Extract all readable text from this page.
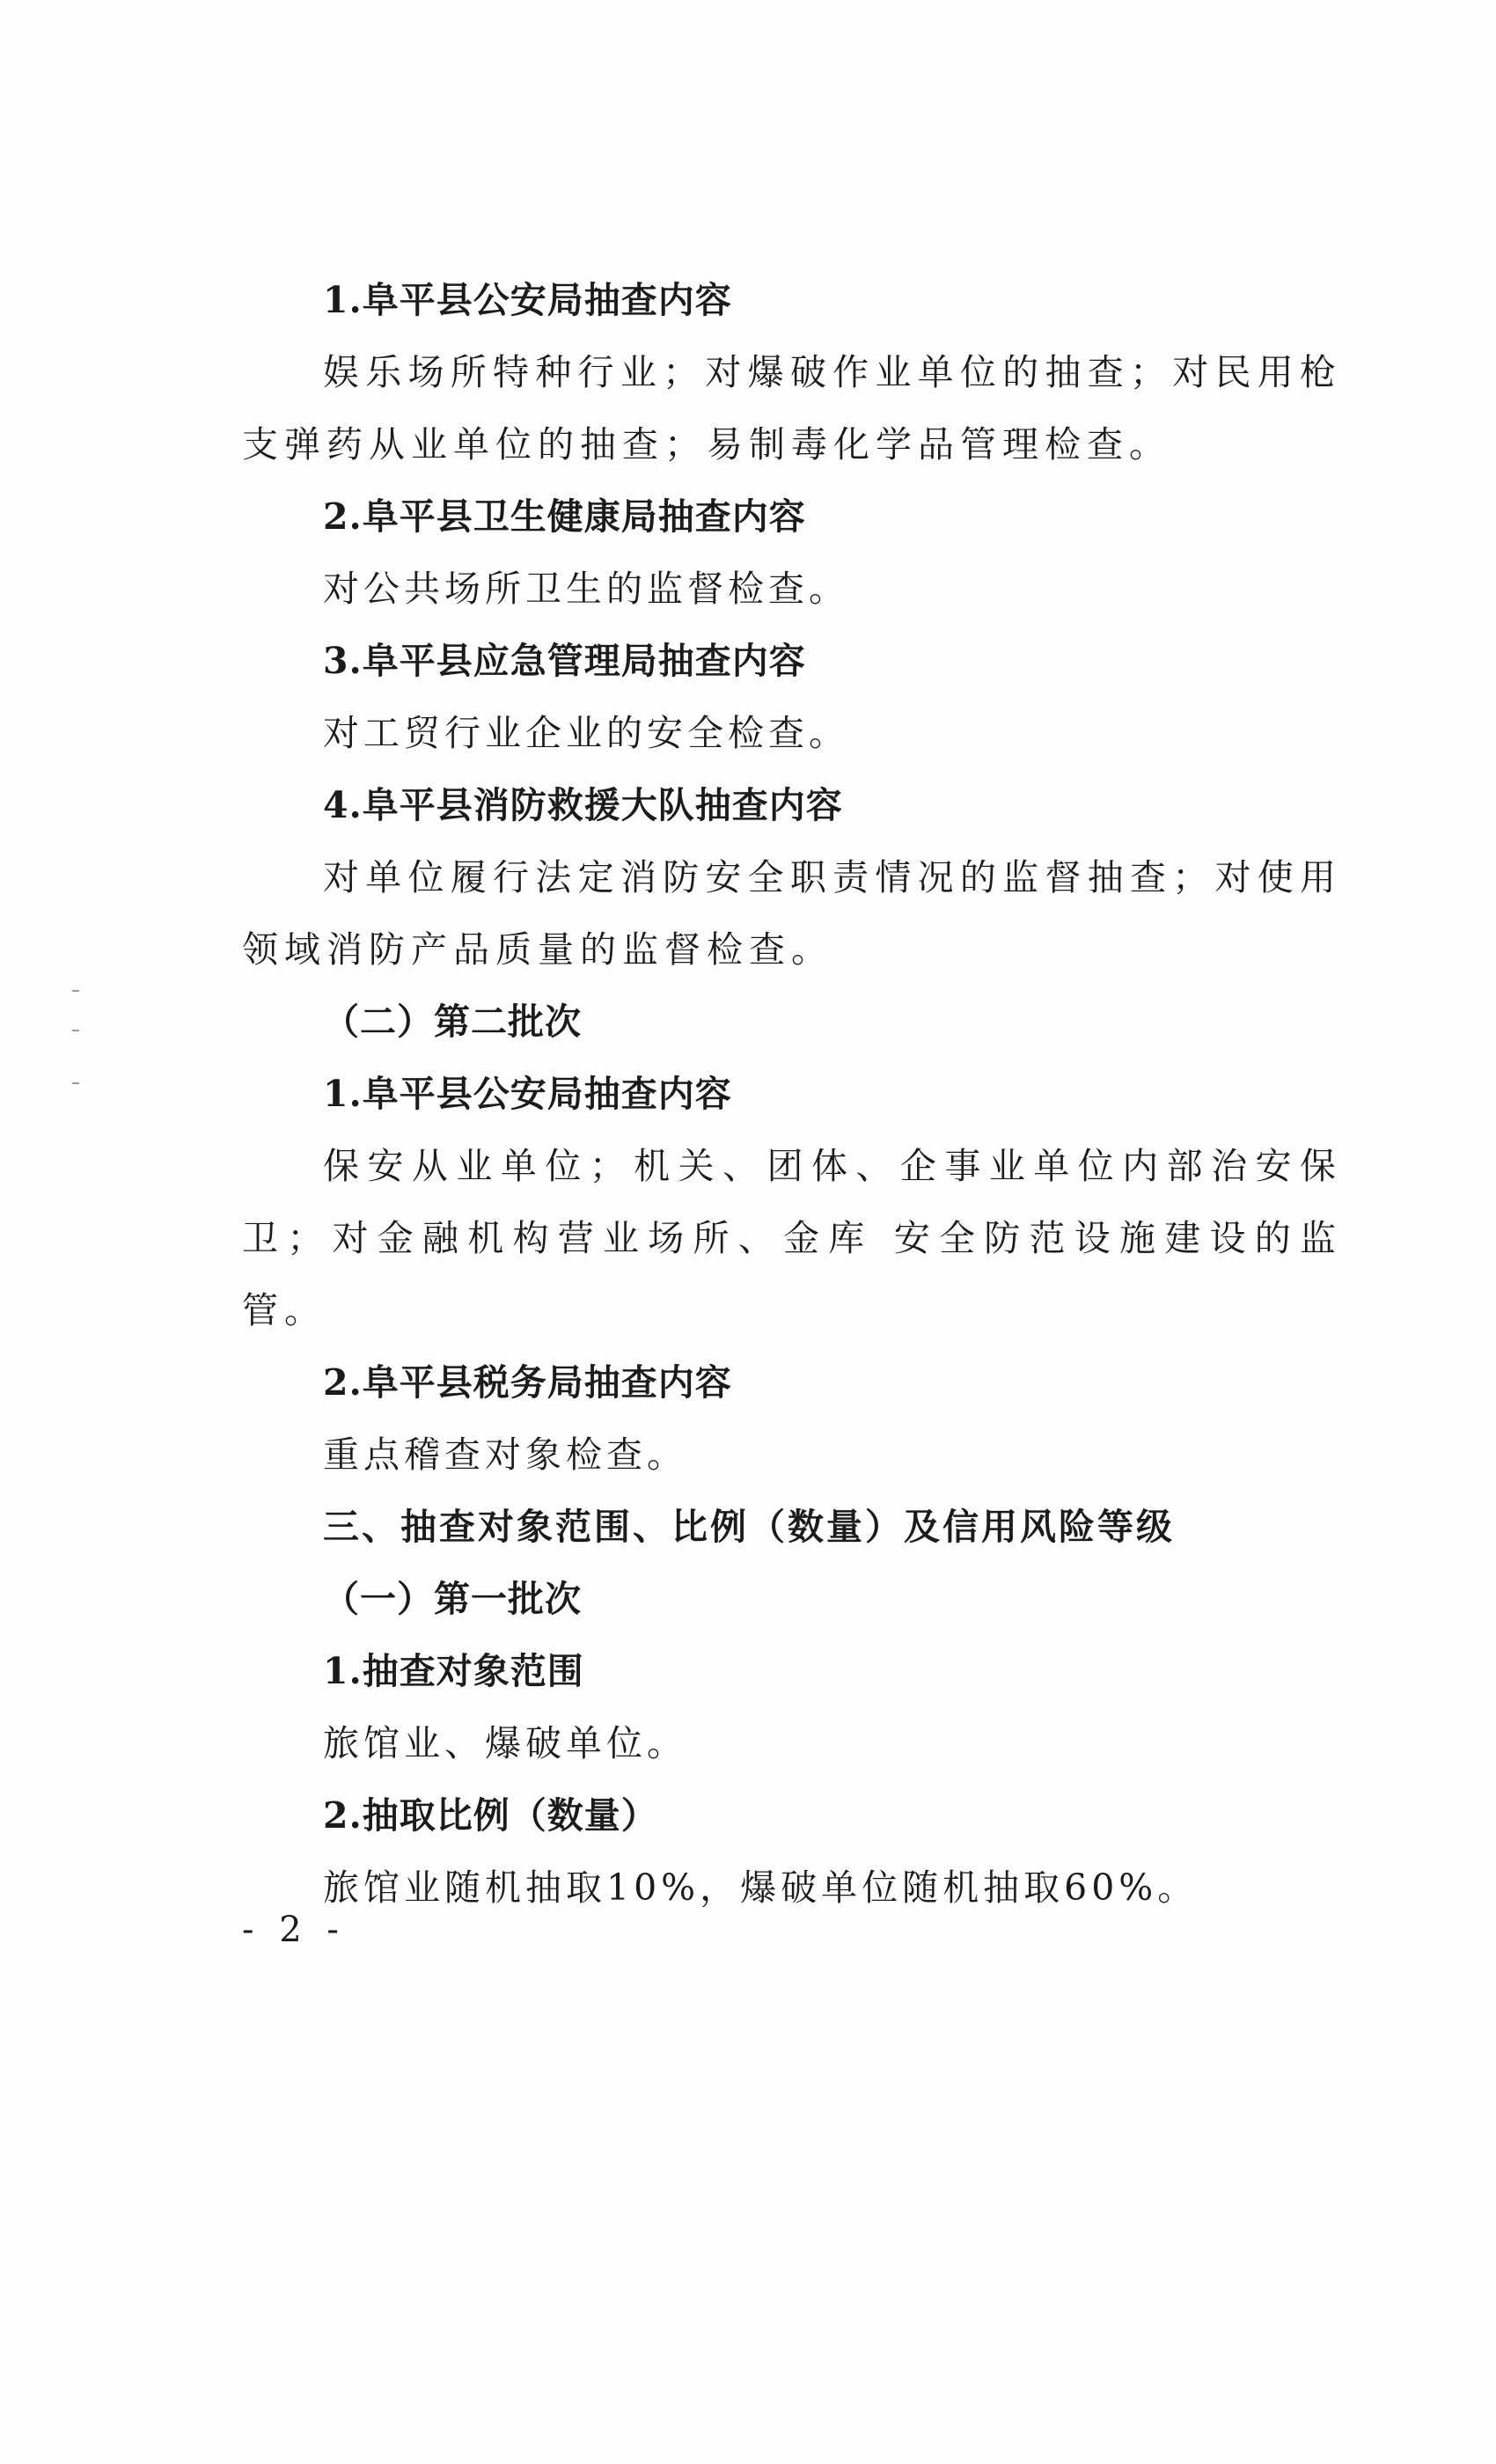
1.阜平县公安局抽查内容
娱乐场所特种行业；对爆破作业单位的抽查；对民用枪支弹药从业单位的抽查；易制毒化学品管理检查。
2.阜平县卫生健康局抽查内容
对公共场所卫生的监督检查。
3.阜平县应急管理局抽查内容
对工贸行业企业的安全检查。
4.阜平县消防救援大队抽查内容
对单位履行法定消防安全职责情况的监督抽查；对使用领域消防产品质量的监督检查。
（二）第二批次
1.阜平县公安局抽查内容
保安从业单位；机关、团体、企事业单位内部治安保卫；对金融机构营业场所、金库 安全防范设施建设的监管。
2.阜平县税务局抽查内容
重点稽查对象检查。
三、抽查对象范围、比例（数量）及信用风险等级
（一）第一批次
1.抽查对象范围
旅馆业、爆破单位。
2.抽取比例（数量）
旅馆业随机抽取10%，爆破单位随机抽取60%。
- 2 -
